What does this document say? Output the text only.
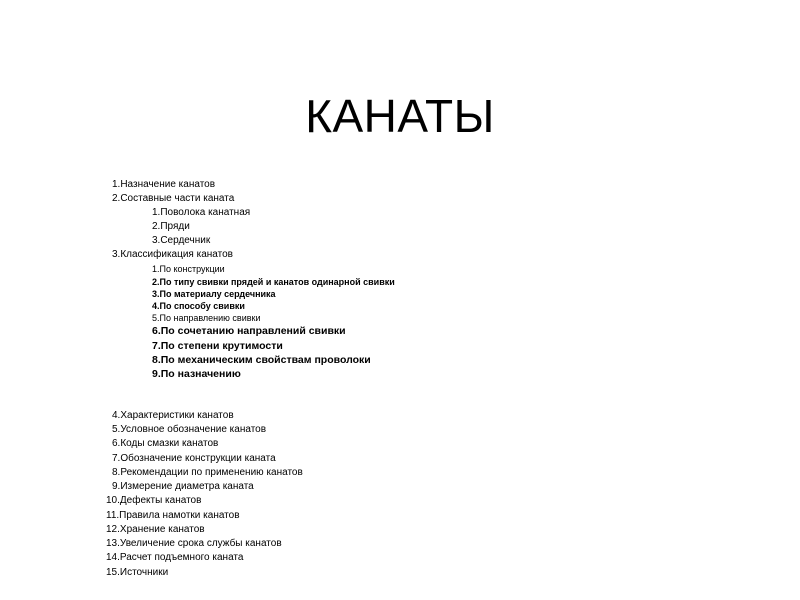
КАНАТЫ
1.Назначение канатов
2.Составные части каната
1.Поволока канатная
2.Пряди
3.Сердечник
3.Классификация канатов
1.По конструкции
2.По типу свивки прядей и канатов одинарной свивки
3.По материалу сердечника
4.По способу свивки
5.По направлению свивки
6.По сочетанию направлений свивки
7.По степени крутимости
8.По механическим свойствам проволоки
9.По назначению
4.Характеристики канатов
5.Условное обозначение канатов
6.Коды смазки канатов
7.Обозначение конструкции каната
8.Рекомендации по применению канатов
9.Измерение диаметра каната
10.Дефекты канатов
11.Правила намотки канатов
12.Хранение канатов
13.Увеличение срока службы канатов
14.Расчет подъемного каната
15.Источники
